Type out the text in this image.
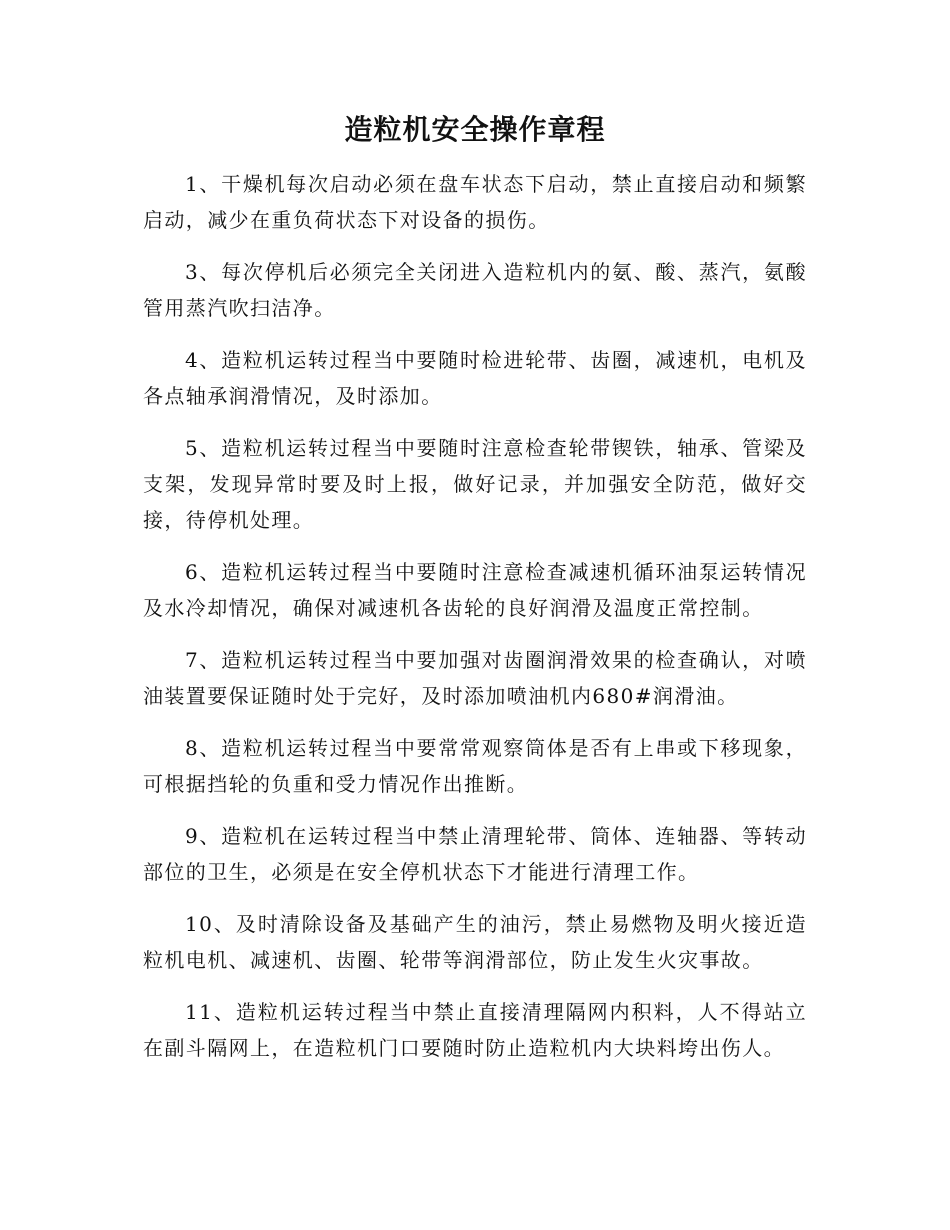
造粒机安全操作章程

1、干燥机每次启动必须在盘车状态下启动，禁止直接启动和频繁启动，减少在重负荷状态下对设备的损伤。

3、每次停机后必须完全关闭进入造粒机内的氨、酸、蒸汽，氨酸管用蒸汽吹扫洁净。

4、造粒机运转过程当中要随时检进轮带、齿圈，减速机，电机及各点轴承润滑情况，及时添加。

5、造粒机运转过程当中要随时注意检查轮带锲铁，轴承、管梁及支架，发现异常时要及时上报，做好记录，并加强安全防范，做好交接，待停机处理。

6、造粒机运转过程当中要随时注意检查减速机循环油泵运转情况及水冷却情况，确保对减速机各齿轮的良好润滑及温度正常控制。

7、造粒机运转过程当中要加强对齿圈润滑效果的检查确认，对喷油装置要保证随时处于完好，及时添加喷油机内680#润滑油。

8、造粒机运转过程当中要常常观察筒体是否有上串或下移现象，可根据挡轮的负重和受力情况作出推断。

9、造粒机在运转过程当中禁止清理轮带、筒体、连轴器、等转动部位的卫生，必须是在安全停机状态下才能进行清理工作。

10、及时清除设备及基础产生的油污，禁止易燃物及明火接近造粒机电机、减速机、齿圈、轮带等润滑部位，防止发生火灾事故。

11、造粒机运转过程当中禁止直接清理隔网内积料，人不得站立在副斗隔网上，在造粒机门口要随时防止造粒机内大块料垮出伤人。
